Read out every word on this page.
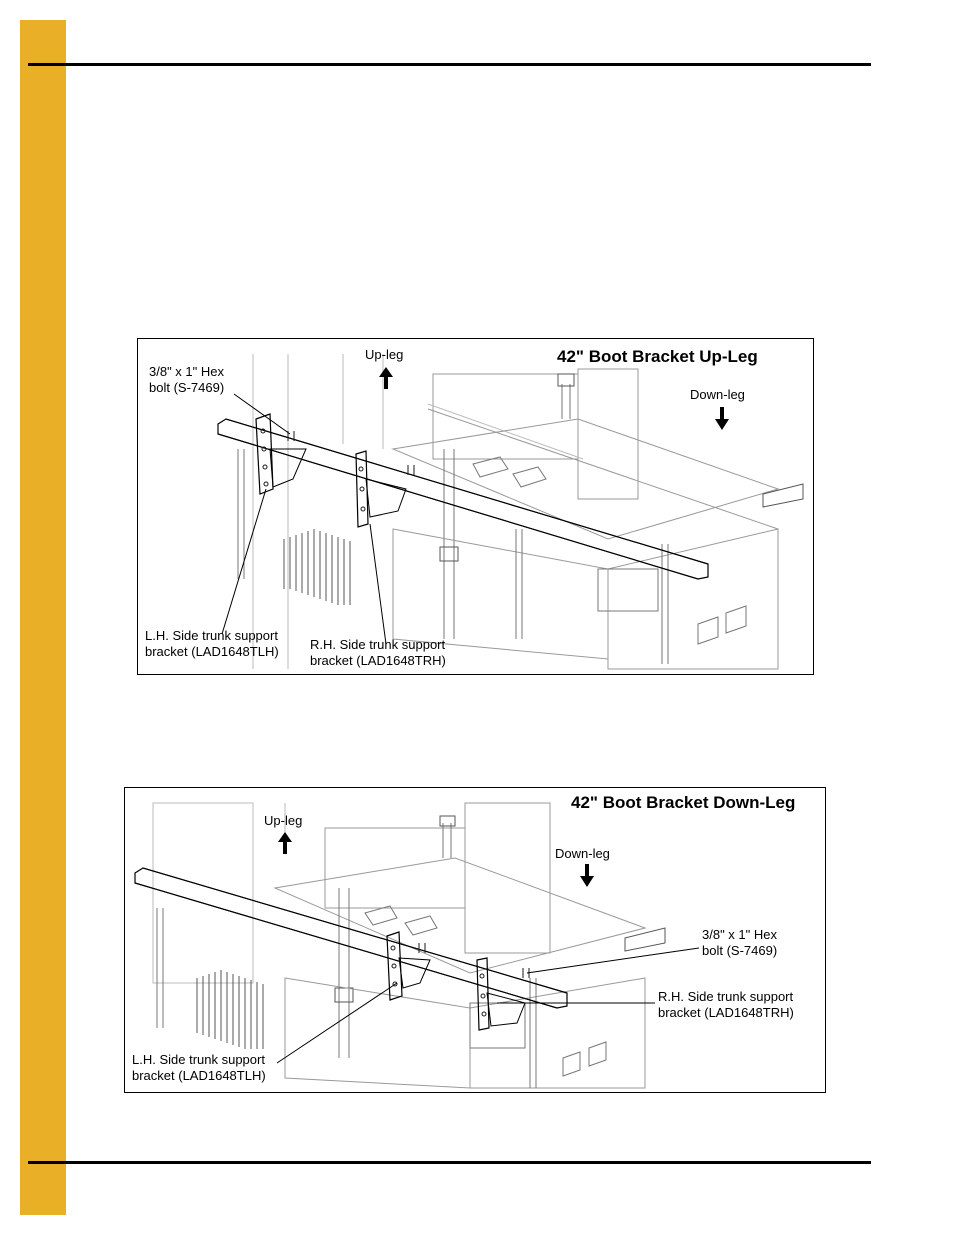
42" Boot Bracket Up-Leg
Up-leg
Down-leg
3/8" x 1" Hex
bolt (S-7469)
L.H. Side trunk support
bracket (LAD1648TLH) R.H. Side trunk support
bracket (LAD1648TRH)
42" Boot Bracket Down-Leg
Up-leg
Down-leg
3/8" x 1" Hex
bolt (S-7469)
R.H. Side trunk support
bracket (LAD1648TRH)
L.H. Side trunk support
bracket (LAD1648TLH)
